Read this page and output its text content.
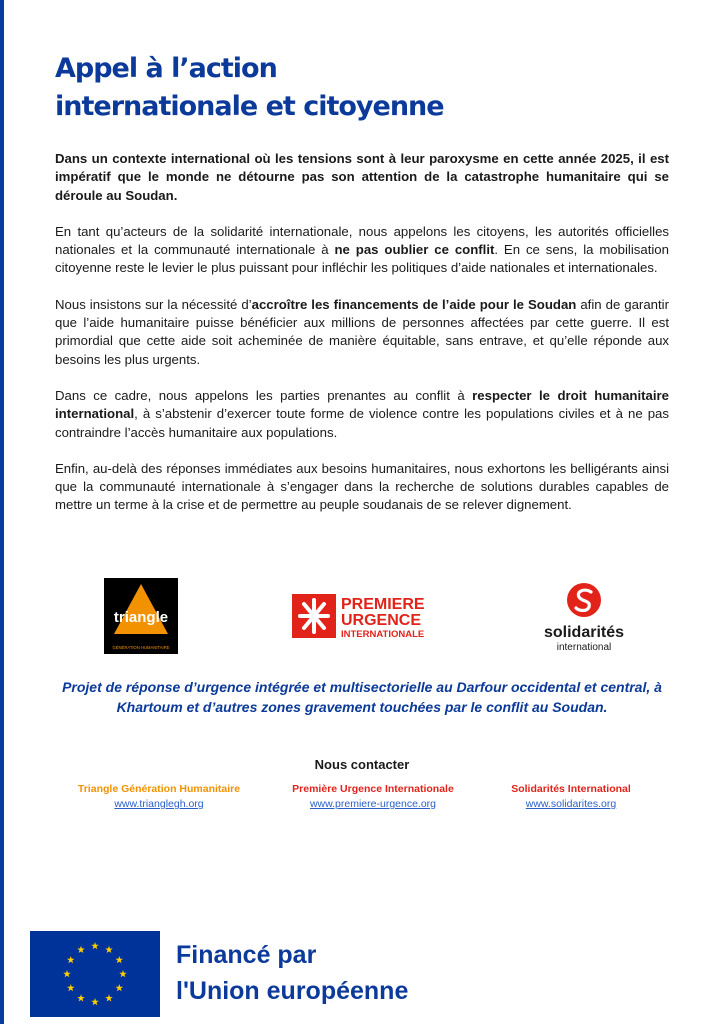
Appel à l’action
internationale et citoyenne

Dans un contexte international où les tensions sont à leur paroxysme en cette année 2025, il est impératif que le monde ne détourne pas son attention de la catastrophe humanitaire qui se déroule au Soudan.

En tant qu’acteurs de la solidarité internationale, nous appelons les citoyens, les autorités officielles nationales et la communauté internationale à ne pas oublier ce conflit. En ce sens, la mobilisation citoyenne reste le levier le plus puissant pour infléchir les politiques d’aide nationales et internationales.

Nous insistons sur la nécessité d’accroître les financements de l’aide pour le Soudan afin de garantir que l’aide humanitaire puisse bénéficier aux millions de personnes affectées par cette guerre. Il est primordial que cette aide soit acheminée de manière équitable, sans entrave, et qu’elle réponde aux besoins les plus urgents.

Dans ce cadre, nous appelons les parties prenantes au conflit à respecter le droit humanitaire international, à s’abstenir d’exercer toute forme de violence contre les populations civiles et à ne pas contraindre l’accès humanitaire aux populations.

Enfin, au-delà des réponses immédiates aux besoins humanitaires, nous exhortons les belligérants ainsi que la communauté internationale à s’engager dans la recherche de solutions durables capables de mettre un terme à la crise et de permettre au peuple soudanais de se relever dignement.

triangle
GÉNÉRATION HUMANITAIRE
PREMIERE
URGENCE
INTERNATIONALE	solidarités
international
Projet de réponse d’urgence intégrée et multisectorielle au Darfour occidental et central, à Khartoum et d’autres zones gravement touchées par le conflit au Soudan.
Nous contacter
Triangle Génération Humanitaire
www.trianglegh.org
Première Urgence Internationale
www.premiere-urgence.org
Solidarités International
www.solidarites.org
Financé par
l'Union européenne
